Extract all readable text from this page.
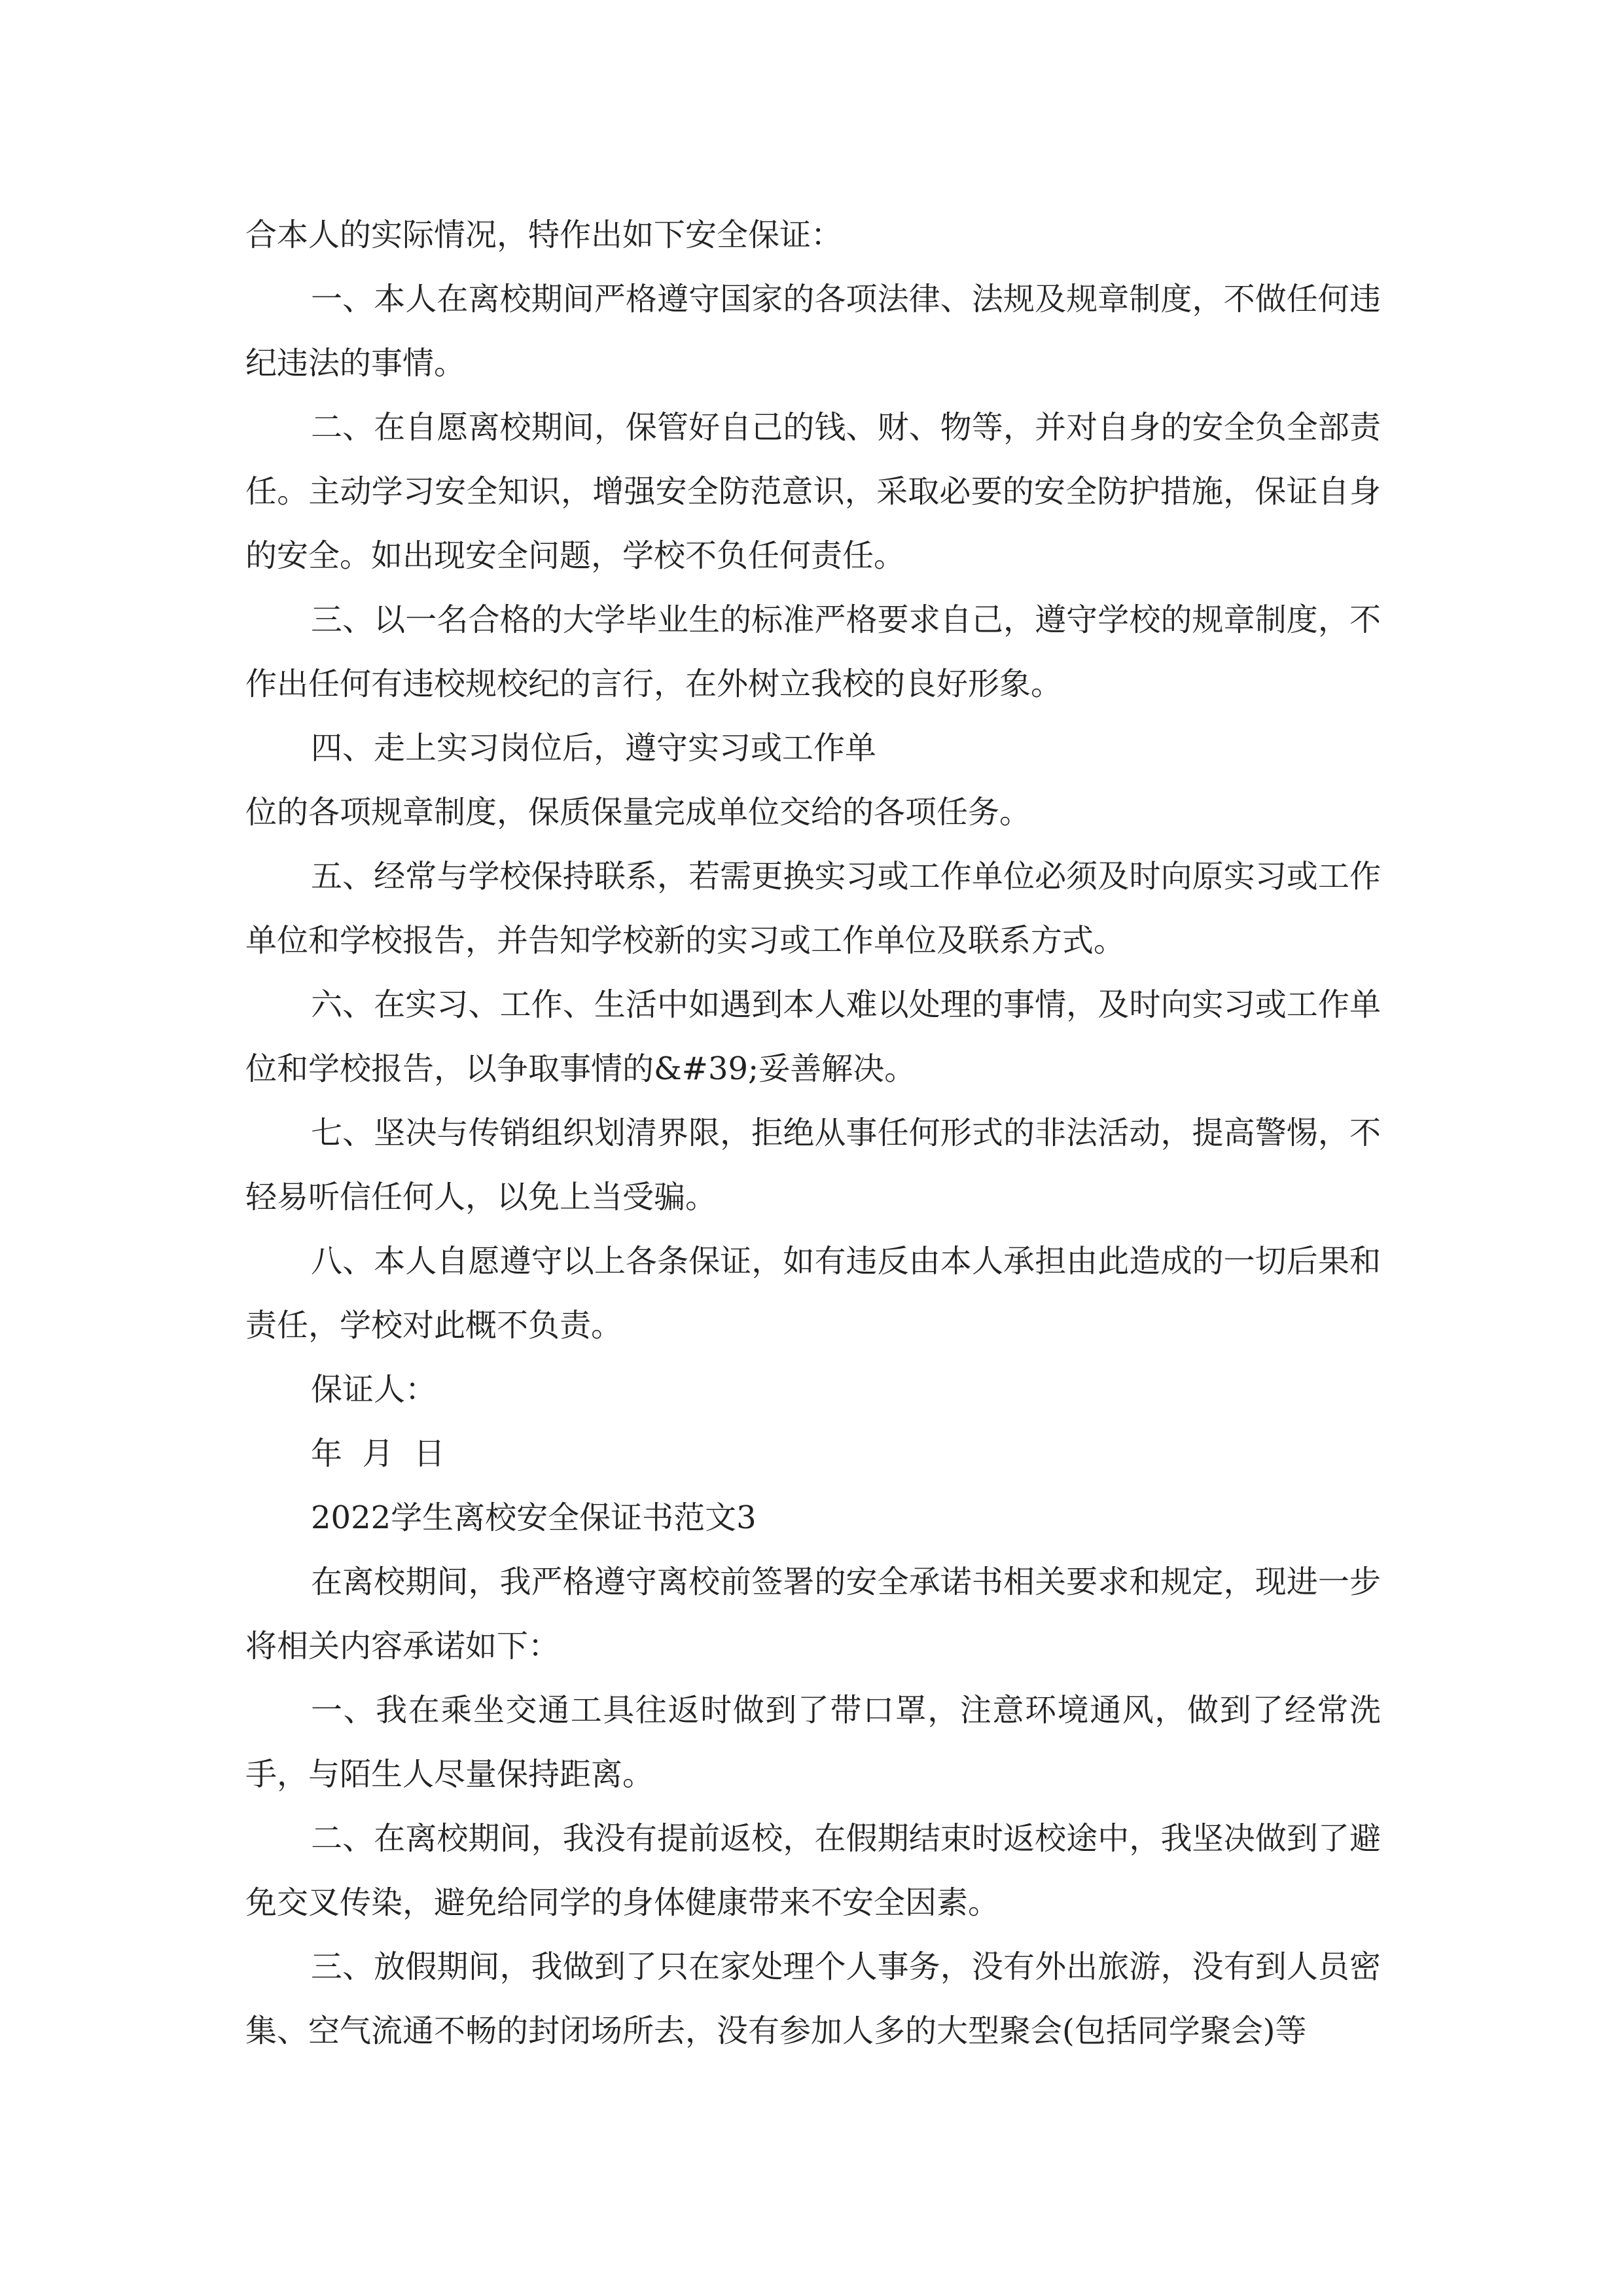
合本人的实际情况，特作出如下安全保证：

一、本人在离校期间严格遵守国家的各项法律、法规及规章制度，不做任何违纪违法的事情。

二、在自愿离校期间，保管好自己的钱、财、物等，并对自身的安全负全部责任。主动学习安全知识，增强安全防范意识，采取必要的安全防护措施，保证自身的安全。如出现安全问题，学校不负任何责任。

三、以一名合格的大学毕业生的标准严格要求自己，遵守学校的规章制度，不作出任何有违校规校纪的言行，在外树立我校的良好形象。

四、走上实习岗位后，遵守实习或工作单

位的各项规章制度，保质保量完成单位交给的各项任务。

五、经常与学校保持联系，若需更换实习或工作单位必须及时向原实习或工作单位和学校报告，并告知学校新的实习或工作单位及联系方式。

六、在实习、工作、生活中如遇到本人难以处理的事情，及时向实习或工作单位和学校报告，以争取事情的&#39;妥善解决。

七、坚决与传销组织划清界限，拒绝从事任何形式的非法活动，提高警惕，不轻易听信任何人，以免上当受骗。

八、本人自愿遵守以上各条保证，如有违反由本人承担由此造成的一切后果和责任，学校对此概不负责。

保证人：

年  月  日

2022学生离校安全保证书范文3

在离校期间，我严格遵守离校前签署的安全承诺书相关要求和规定，现进一步将相关内容承诺如下：

一、我在乘坐交通工具往返时做到了带口罩，注意环境通风，做到了经常洗手，与陌生人尽量保持距离。

二、在离校期间，我没有提前返校，在假期结束时返校途中，我坚决做到了避免交叉传染，避免给同学的身体健康带来不安全因素。

三、放假期间，我做到了只在家处理个人事务，没有外出旅游，没有到人员密集、空气流通不畅的封闭场所去，没有参加人多的大型聚会(包括同学聚会)等
